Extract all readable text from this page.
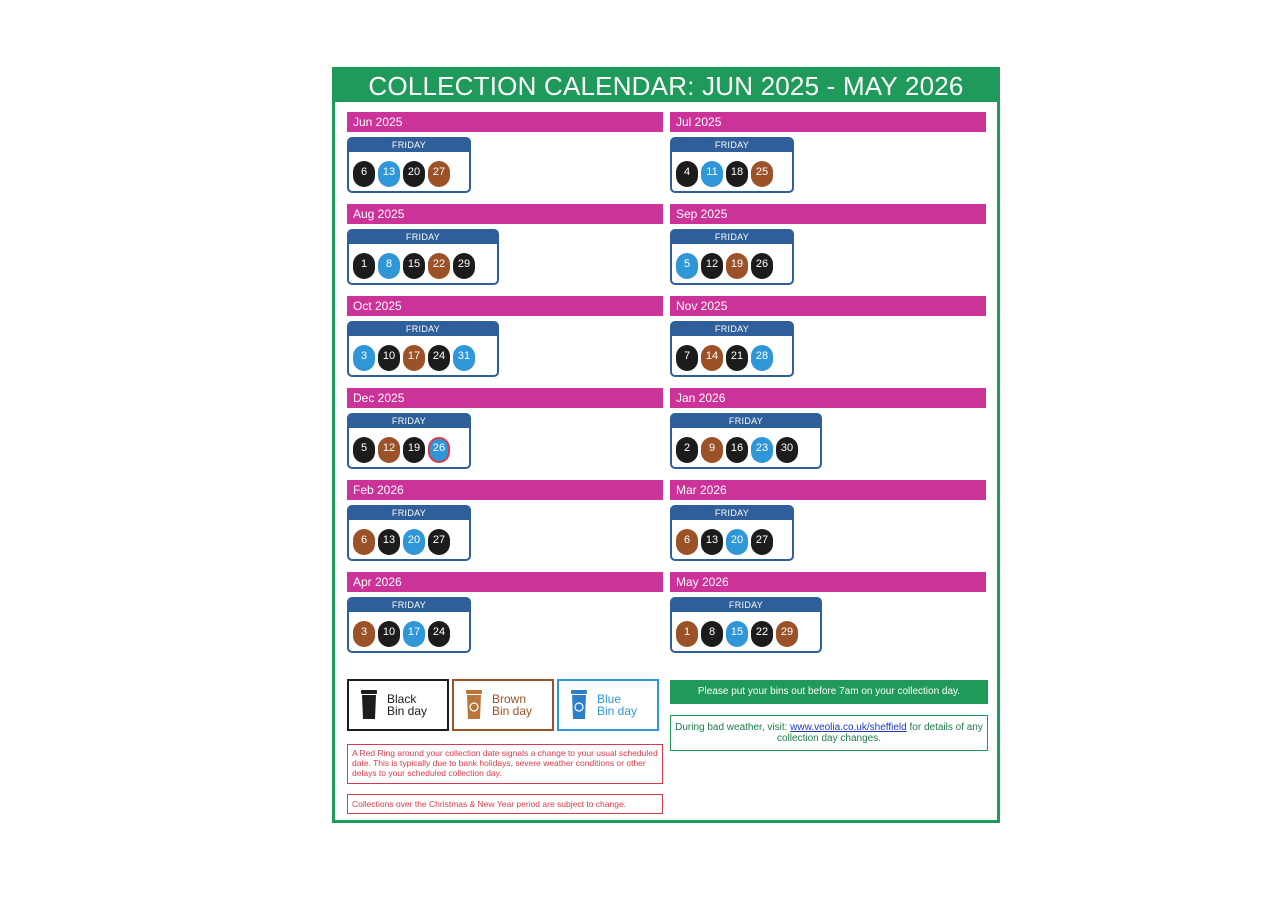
COLLECTION CALENDAR: JUN 2025 - MAY 2026
Jun 2025
FRIDAY
6 13 20 27
Jul 2025
FRIDAY
4 11 18 25
Aug 2025
FRIDAY
1 8 15 22 29
Sep 2025
FRIDAY
5 12 19 26
Oct 2025
FRIDAY
3 10 17 24 31
Nov 2025
FRIDAY
7 14 21 28
Dec 2025
FRIDAY
5 12 19 26
Jan 2026
FRIDAY
2 9 16 23 30
Feb 2026
FRIDAY
6 13 20 27
Mar 2026
FRIDAY
6 13 20 27
Apr 2026
FRIDAY
3 10 17 24
May 2026
FRIDAY
1 8 15 22 29
Black
Bin day
Brown
Bin day
Blue
Bin day
A Red Ring around your collection date signals a change to your usual scheduled date. This is typically due to bank holidays, severe weather conditions or other delays to your scheduled collection day.
Collections over the Christmas & New Year period are subject to change.
Please put your bins out before 7am on your collection day.
During bad weather, visit: www.veolia.co.uk/sheffield for details of any collection day changes.
